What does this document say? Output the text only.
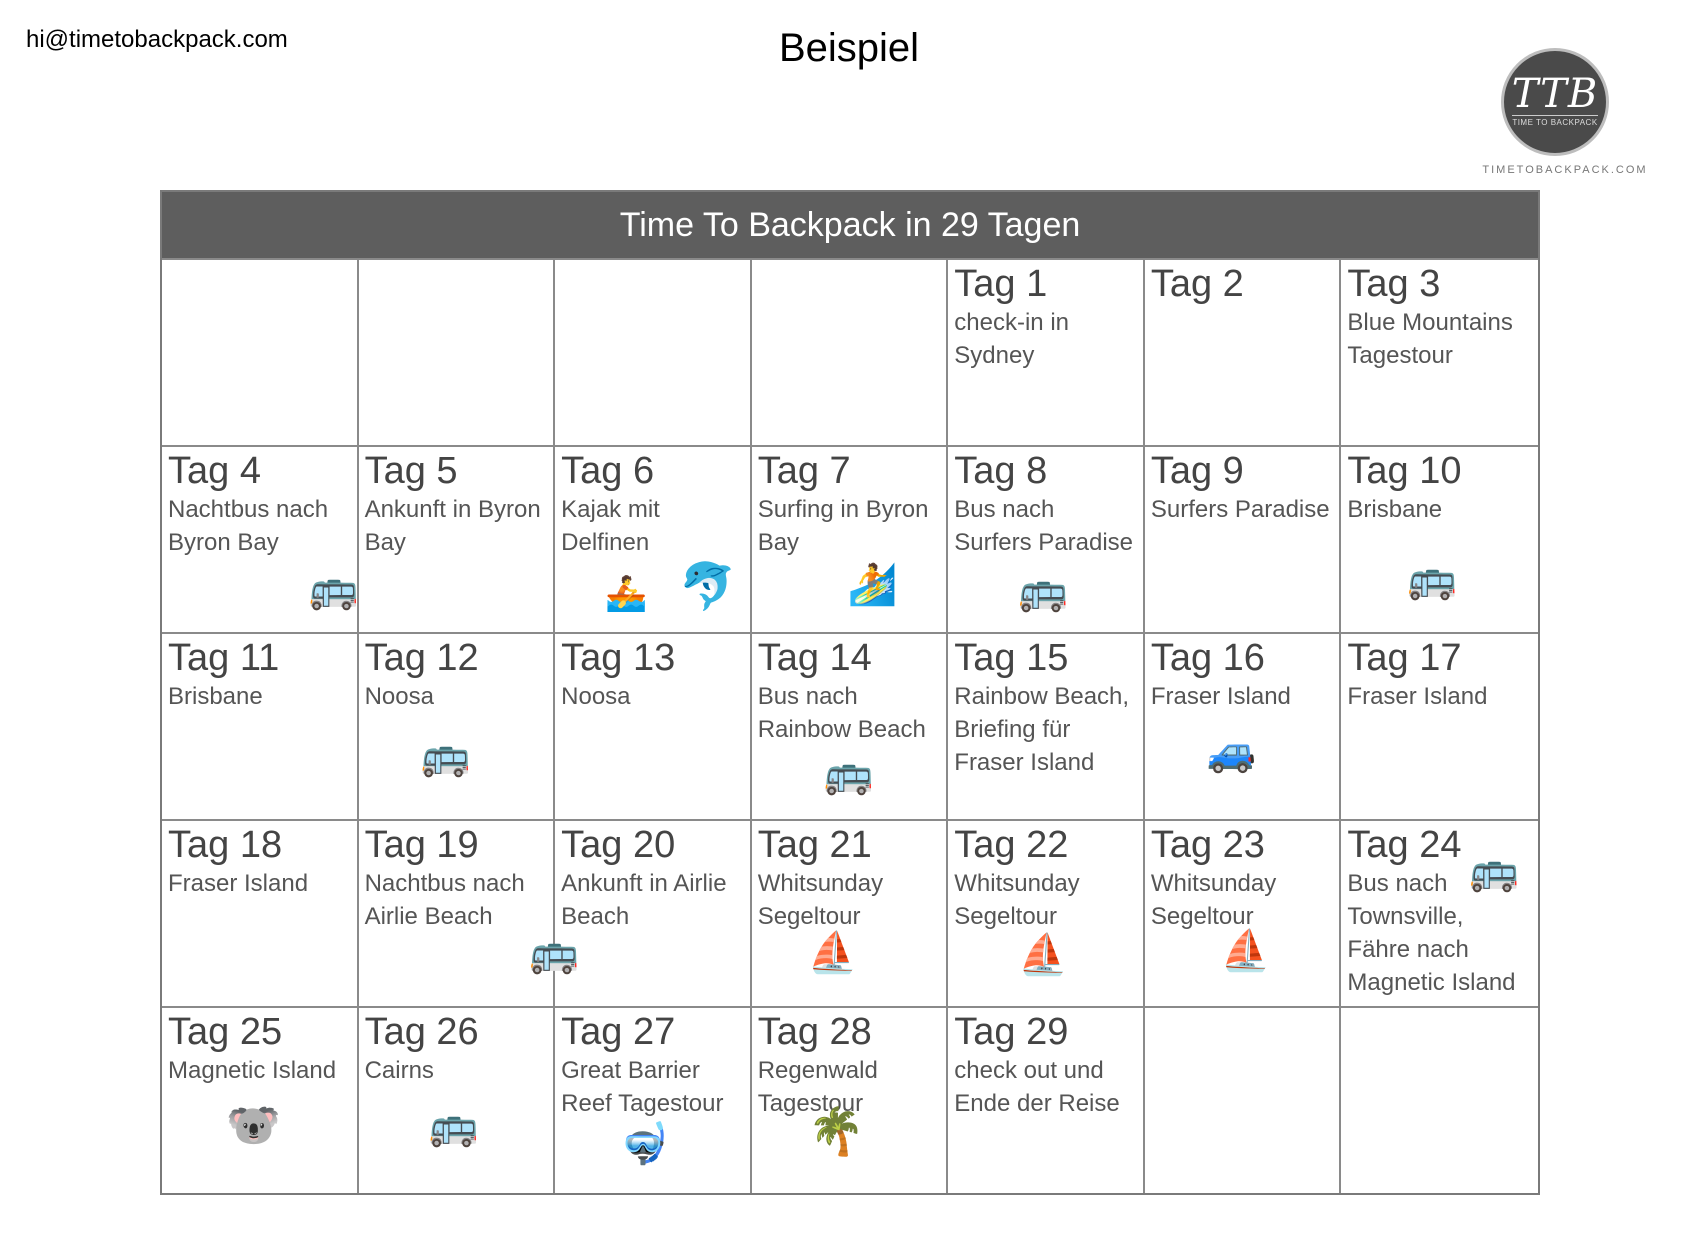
hi@timetobackpack.com	Beispiel
TTB
TIME TO BACKPACK
TIMETOBACKPACK.COM
Time To Backpack in 29 Tagen
Tag 1
check-in in Sydney
Tag 2	Tag 3
Blue Mountains Tagestour
Tag 4
Nachtbus nach Byron Bay
🚌
Tag 5
Ankunft in Byron Bay
Tag 6
Kajak mit Delfinen
🚣 🐬
Tag 7
Surfing in Byron Bay
🏄
Tag 8
Bus nach Surfers Paradise
🚌
Tag 9
Surfers Paradise
Tag 10
Brisbane
🚌
Tag 11
Brisbane
Tag 12
Noosa
🚌
Tag 13
Noosa
Tag 14
Bus nach Rainbow Beach
🚌
Tag 15
Rainbow Beach, Briefing für Fraser Island
Tag 16
Fraser Island
🚙
Tag 17
Fraser Island
Tag 18
Fraser Island
Tag 19
Nachtbus nach Airlie Beach
🚌
Tag 20
Ankunft in Airlie Beach
Tag 21
Whitsunday Segeltour
⛵
Tag 22
Whitsunday Segeltour
⛵
Tag 23
Whitsunday Segeltour
⛵
Tag 24
Bus nach Townsville, Fähre nach Magnetic Island
🚌
Tag 25
Magnetic Island
🐨
Tag 26
Cairns
🚌
Tag 27
Great Barrier Reef Tagestour
🤿
Tag 28
Regenwald Tagestour
🌴
Tag 29
check out und Ende der Reise
